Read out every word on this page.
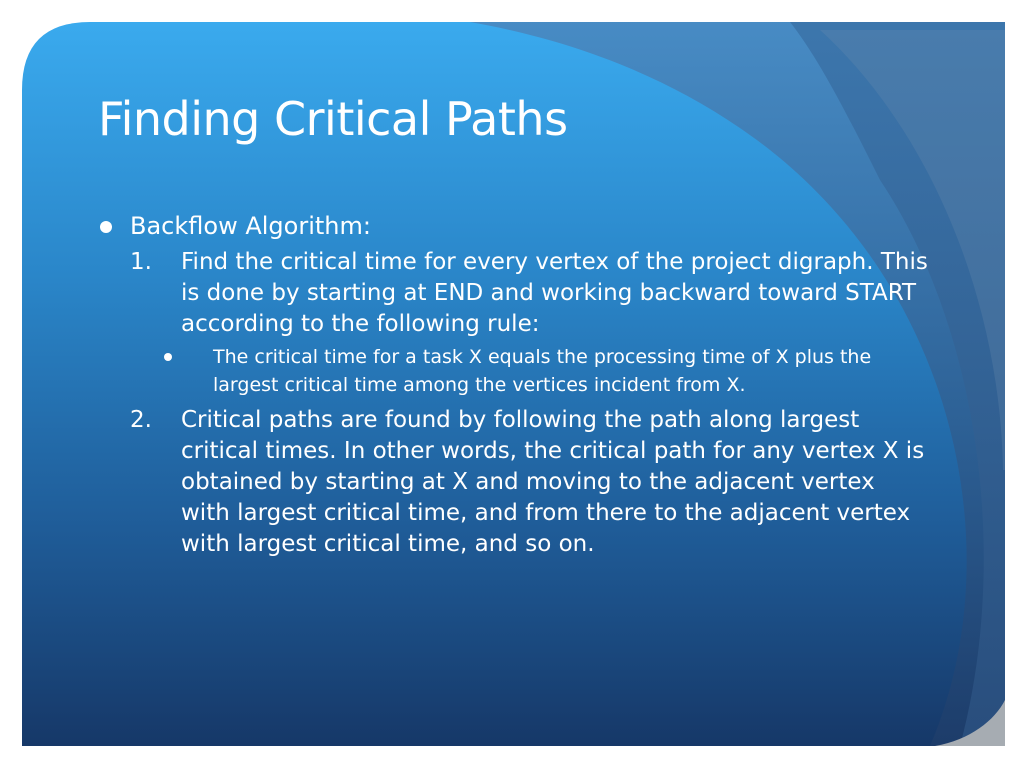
Finding Critical Paths
Backflow Algorithm:
1. Find the critical time for every vertex of the project digraph. This is done by starting at END and working backward toward START according to the following rule:
The critical time for a task X equals the processing time of X plus the largest critical time among the vertices incident from X.
2. Critical paths are found by following the path along largest critical times. In other words, the critical path for any vertex X is obtained by starting at X and moving to the adjacent vertex with largest critical time, and from there to the adjacent vertex with largest critical time, and so on.
